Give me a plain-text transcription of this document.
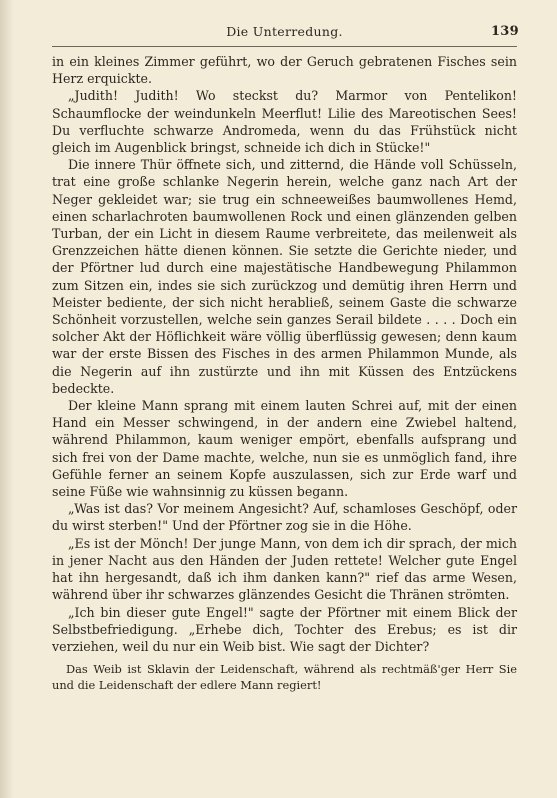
Die Unterredung.	139

in ein kleines Zimmer geführt, wo der Geruch gebratenen Fisches sein Herz erquickte.

„Judith! Judith! Wo steckst du? Marmor von Pentelikon! Schaumflocke der weindunkeln Meerflut! Lilie des Mareotischen Sees! Du verfluchte schwarze Andromeda, wenn du das Frühstück nicht gleich im Augenblick bringst, schneide ich dich in Stücke!"

Die innere Thür öffnete sich, und zitternd, die Hände voll Schüsseln, trat eine große schlanke Negerin herein, welche ganz nach Art der Neger gekleidet war; sie trug ein schneeweißes baumwollenes Hemd, einen scharlachroten baumwollenen Rock und einen glänzenden gelben Turban, der ein Licht in diesem Raume verbreitete, das meilenweit als Grenzzeichen hätte dienen können. Sie setzte die Gerichte nieder, und der Pförtner lud durch eine majestätische Handbewegung Philammon zum Sitzen ein, indes sie sich zurückzog und demütig ihren Herrn und Meister bediente, der sich nicht herabließ, seinem Gaste die schwarze Schönheit vorzustellen, welche sein ganzes Serail bildete . . . . Doch ein solcher Akt der Höflichkeit wäre völlig überflüssig gewesen; denn kaum war der erste Bissen des Fisches in des armen Philammon Munde, als die Negerin auf ihn zustürzte und ihn mit Küssen des Entzückens bedeckte.

Der kleine Mann sprang mit einem lauten Schrei auf, mit der einen Hand ein Messer schwingend, in der andern eine Zwiebel haltend, während Philammon, kaum weniger empört, ebenfalls aufsprang und sich frei von der Dame machte, welche, nun sie es unmöglich fand, ihre Gefühle ferner an seinem Kopfe auszulassen, sich zur Erde warf und seine Füße wie wahnsinnig zu küssen begann.

„Was ist das? Vor meinem Angesicht? Auf, schamloses Geschöpf, oder du wirst sterben!" Und der Pförtner zog sie in die Höhe.

„Es ist der Mönch! Der junge Mann, von dem ich dir sprach, der mich in jener Nacht aus den Händen der Juden rettete! Welcher gute Engel hat ihn hergesandt, daß ich ihm danken kann?" rief das arme Wesen, während über ihr schwarzes glänzendes Gesicht die Thränen strömten.

„Ich bin dieser gute Engel!" sagte der Pförtner mit einem Blick der Selbstbefriedigung. „Erhebe dich, Tochter des Erebus; es ist dir verziehen, weil du nur ein Weib bist. Wie sagt der Dichter?

Das Weib ist Sklavin der Leidenschaft, während als rechtmäß'ger Herr Sie und die Leidenschaft der edlere Mann regiert!
